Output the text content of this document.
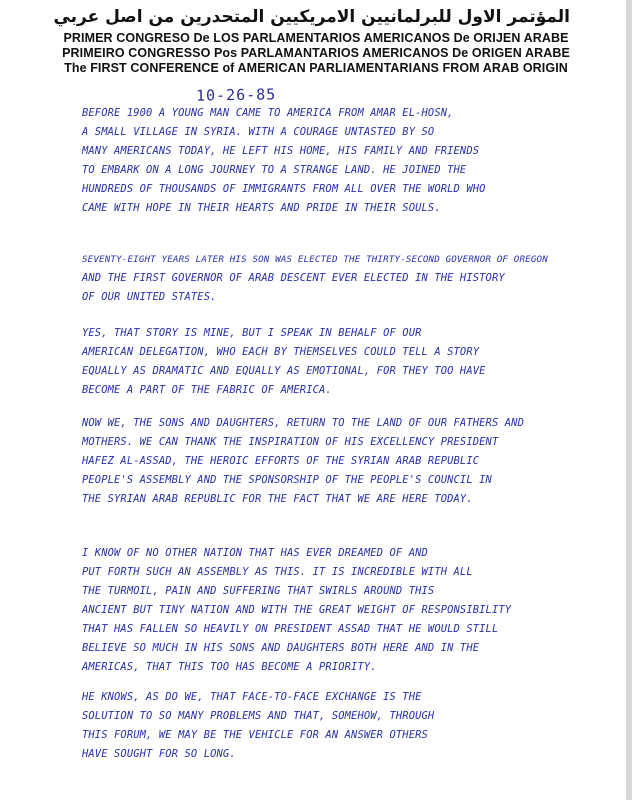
المؤتمر الاول للبرلمانيين الامريكيين المتحدرين من اصل عربي
PRIMER CONGRESO De LOS PARLAMENTARIOS AMERICANOS De ORIJEN ARABE
PRIMEIRO CONGRESSO Pos PARLAMANTARIOS AMERICANOS De ORIGEN ARABE
The FIRST CONFERENCE of AMERICAN PARLIAMENTARIANS FROM ARAB ORIGIN
10-26-85
BEFORE 1900 A YOUNG MAN CAME TO AMERICA FROM AMAR EL-HOSN,
A SMALL VILLAGE IN SYRIA. WITH A COURAGE UNTASTED BY SO
MANY AMERICANS TODAY, HE LEFT HIS HOME, HIS FAMILY AND FRIENDS
TO EMBARK ON A LONG JOURNEY TO A STRANGE LAND. HE JOINED THE
HUNDREDS OF THOUSANDS OF IMMIGRANTS FROM ALL OVER THE WORLD WHO
CAME WITH HOPE IN THEIR HEARTS AND PRIDE IN THEIR SOULS.
SEVENTY-EIGHT YEARS LATER HIS SON WAS ELECTED THE THIRTY-SECOND GOVERNOR OF OREGON
AND THE FIRST GOVERNOR OF ARAB DESCENT EVER ELECTED IN THE HISTORY
OF OUR UNITED STATES.
YES, THAT STORY IS MINE, BUT I SPEAK IN BEHALF OF OUR
AMERICAN DELEGATION, WHO EACH BY THEMSELVES COULD TELL A STORY
EQUALLY AS DRAMATIC AND EQUALLY AS EMOTIONAL, FOR THEY TOO HAVE
BECOME A PART OF THE FABRIC OF AMERICA.
NOW WE, THE SONS AND DAUGHTERS, RETURN TO THE LAND OF OUR FATHERS AND
MOTHERS. WE CAN THANK THE INSPIRATION OF HIS EXCELLENCY PRESIDENT
HAFEZ AL-ASSAD, THE HEROIC EFFORTS OF THE SYRIAN ARAB REPUBLIC
PEOPLE'S ASSEMBLY AND THE SPONSORSHIP OF THE PEOPLE'S COUNCIL IN
THE SYRIAN ARAB REPUBLIC FOR THE FACT THAT WE ARE HERE TODAY.
I KNOW OF NO OTHER NATION THAT HAS EVER DREAMED OF AND
PUT FORTH SUCH AN ASSEMBLY AS THIS. IT IS INCREDIBLE WITH ALL
THE TURMOIL, PAIN AND SUFFERING THAT SWIRLS AROUND THIS
ANCIENT BUT TINY NATION AND WITH THE GREAT WEIGHT OF RESPONSIBILITY
THAT HAS FALLEN SO HEAVILY ON PRESIDENT ASSAD THAT HE WOULD STILL
BELIEVE SO MUCH IN HIS SONS AND DAUGHTERS BOTH HERE AND IN THE
AMERICAS, THAT THIS TOO HAS BECOME A PRIORITY.
HE KNOWS, AS DO WE, THAT FACE-TO-FACE EXCHANGE IS THE
SOLUTION TO SO MANY PROBLEMS AND THAT, SOMEHOW, THROUGH
THIS FORUM, WE MAY BE THE VEHICLE FOR AN ANSWER OTHERS
HAVE SOUGHT FOR SO LONG.
